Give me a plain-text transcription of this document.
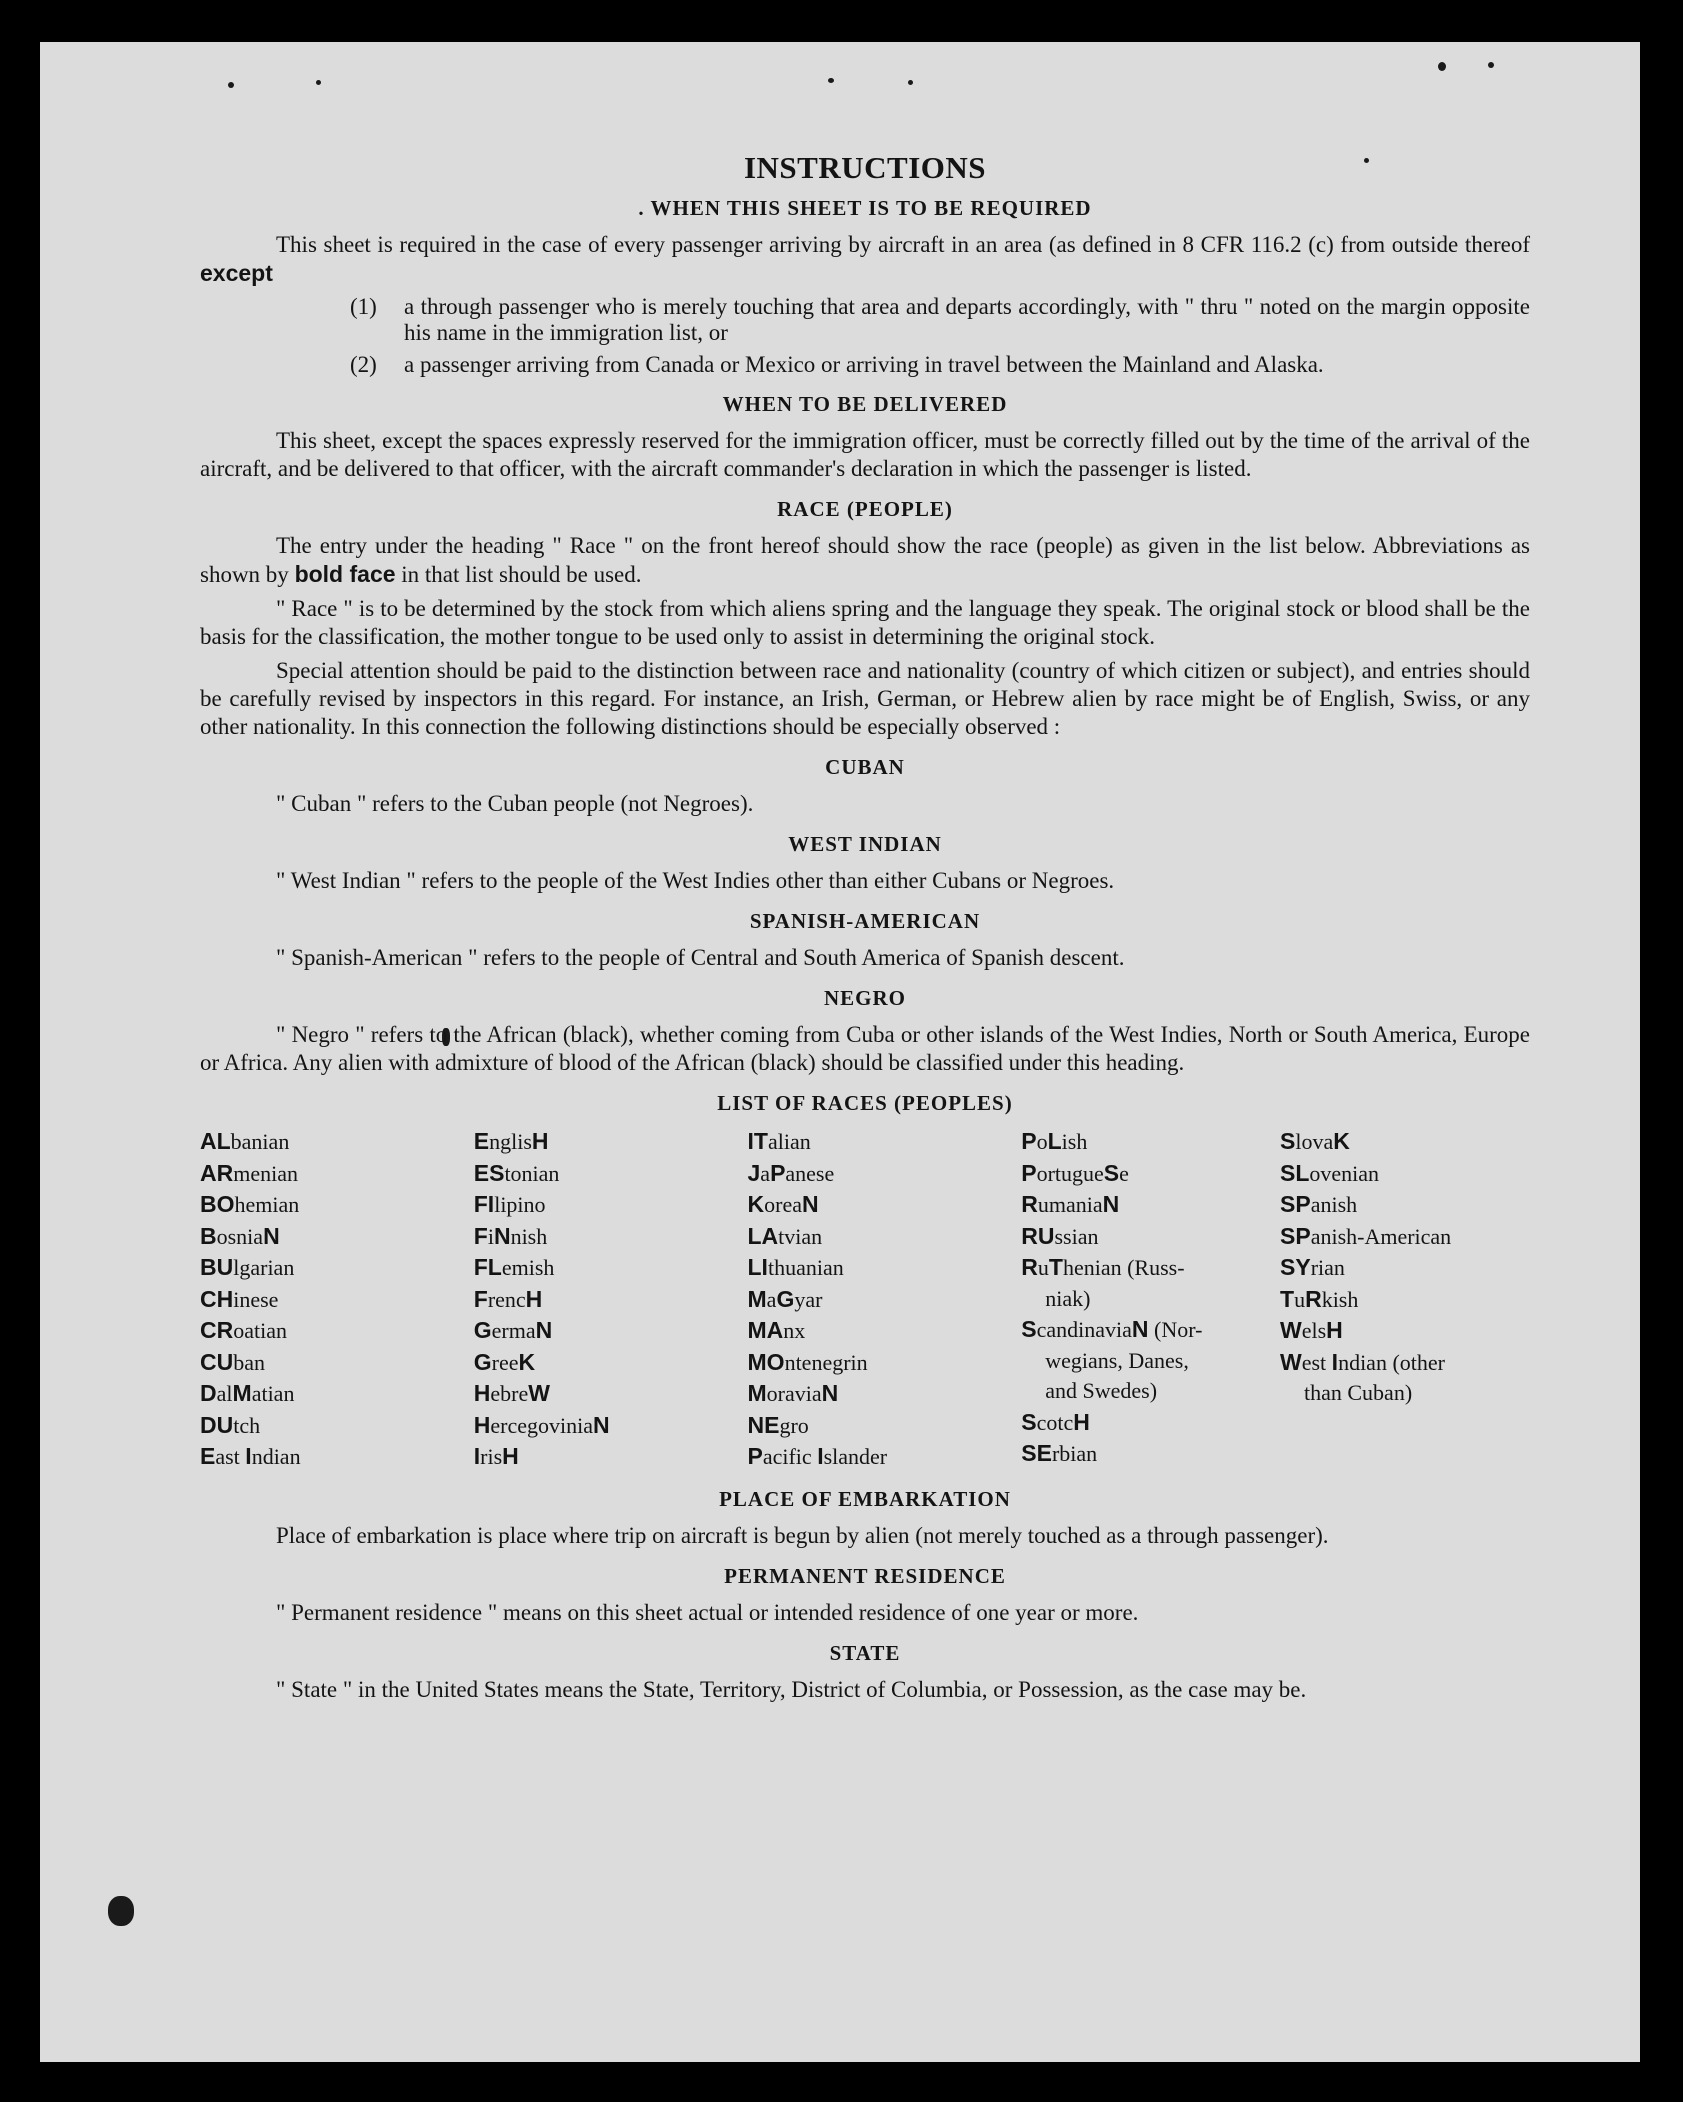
INSTRUCTIONS
. WHEN THIS SHEET IS TO BE REQUIRED

This sheet is required in the case of every passenger arriving by aircraft in an area (as defined in 8 CFR 116.2 (c) from outside thereof except

(1)	a through passenger who is merely touching that area and departs accordingly, with " thru " noted on the margin opposite his name in the immigration list, or
(2)	a passenger arriving from Canada or Mexico or arriving in travel between the Mainland and Alaska.
WHEN TO BE DELIVERED

This sheet, except the spaces expressly reserved for the immigration officer, must be correctly filled out by the time of the arrival of the aircraft, and be delivered to that officer, with the aircraft commander's declaration in which the passenger is listed.

RACE (PEOPLE)

The entry under the heading " Race " on the front hereof should show the race (people) as given in the list below. Abbreviations as shown by bold face in that list should be used.

" Race " is to be determined by the stock from which aliens spring and the language they speak. The original stock or blood shall be the basis for the classification, the mother tongue to be used only to assist in determining the original stock.

Special attention should be paid to the distinction between race and nationality (country of which citizen or subject), and entries should be carefully revised by inspectors in this regard. For instance, an Irish, German, or Hebrew alien by race might be of English, Swiss, or any other nationality. In this connection the following distinctions should be especially observed :

CUBAN

" Cuban " refers to the Cuban people (not Negroes).

WEST INDIAN

" West Indian " refers to the people of the West Indies other than either Cubans or Negroes.

SPANISH-AMERICAN

" Spanish-American " refers to the people of Central and South America of Spanish descent.

NEGRO

" Negro " refers to the African (black), whether coming from Cuba or other islands of the West Indies, North or South America, Europe or Africa. Any alien with admixture of blood of the African (black) should be classified under this heading.

LIST OF RACES (PEOPLES)
ALbanian
ARmenian
BOhemian
BosniaN
BUlgarian
CHinese
CRoatian
CUban
DalMatian
DUtch
East Indian
EnglisH
EStonian
FIlipino
FiNnish
FLemish
FrencH
GermaN
GreeK
HebreW
HercegoviniaN
IrisH
ITalian
JaPanese
KoreaN
LAtvian
LIthuanian
MaGyar
MAnx
MOntenegrin
MoraviaN
NEgro
Pacific Islander
PoLish
PortugueSe
RumaniaN
RUssian
RuThenian (Russ-
niak)
ScandinaviaN (Nor-
wegians, Danes,
and Swedes)
ScotcH
SErbian
SlovaK
SLovenian
SPanish
SPanish-American
SYrian
TuRkish
WelsH
West Indian (other
than Cuban)
PLACE OF EMBARKATION

Place of embarkation is place where trip on aircraft is begun by alien (not merely touched as a through passenger).

PERMANENT RESIDENCE

" Permanent residence " means on this sheet actual or intended residence of one year or more.

STATE

" State " in the United States means the State, Territory, District of Columbia, or Possession, as the case may be.
